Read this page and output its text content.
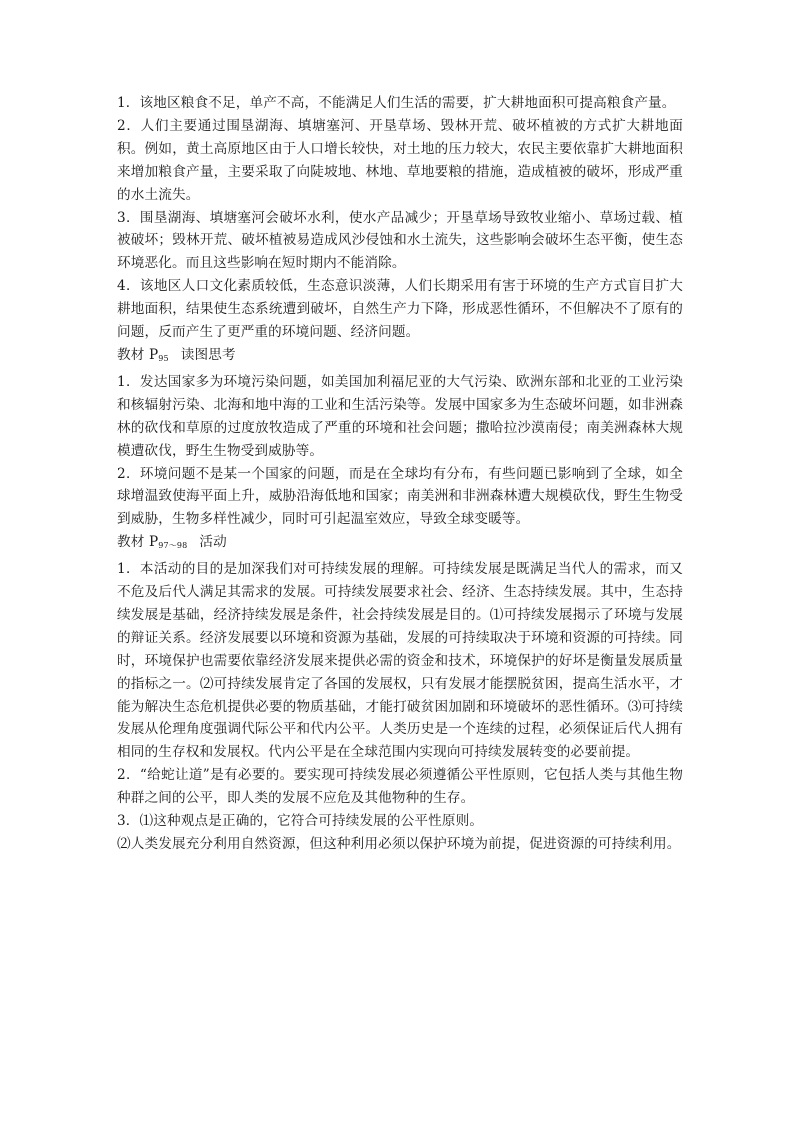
1．该地区粮食不足，单产不高，不能满足人们生活的需要，扩大耕地面积可提高粮食产量。

2．人们主要通过围垦湖海、填塘塞河、开垦草场、毁林开荒、破坏植被的方式扩大耕地面积。例如，黄土高原地区由于人口增长较快，对土地的压力较大，农民主要依靠扩大耕地面积来增加粮食产量，主要采取了向陡坡地、林地、草地要粮的措施，造成植被的破坏，形成严重的水土流失。

3．围垦湖海、填塘塞河会破坏水利，使水产品减少；开垦草场导致牧业缩小、草场过载、植被破坏；毁林开荒、破坏植被易造成风沙侵蚀和水土流失，这些影响会破坏生态平衡，使生态环境恶化。而且这些影响在短时期内不能消除。

4．该地区人口文化素质较低，生态意识淡薄，人们长期采用有害于环境的生产方式盲目扩大耕地面积，结果使生态系统遭到破坏，自然生产力下降，形成恶性循环，不但解决不了原有的问题，反而产生了更严重的环境问题、经济问题。

教材 $P_{95}$ 读图思考

1．发达国家多为环境污染问题，如美国加利福尼亚的大气污染、欧洲东部和北亚的工业污染和核辐射污染、北海和地中海的工业和生活污染等。发展中国家多为生态破坏问题，如非洲森林的砍伐和草原的过度放牧造成了严重的环境和社会问题；撒哈拉沙漠南侵；南美洲森林大规模遭砍伐，野生生物受到威胁等。

2．环境问题不是某一个国家的问题，而是在全球均有分布，有些问题已影响到了全球，如全球增温致使海平面上升，威胁沿海低地和国家；南美洲和非洲森林遭大规模砍伐，野生生物受到威胁，生物多样性减少，同时可引起温室效应，导致全球变暖等。

教材 $P_{97\sim 98}$ 活动

1．本活动的目的是加深我们对可持续发展的理解。可持续发展是既满足当代人的需求，而又不危及后代人满足其需求的发展。可持续发展要求社会、经济、生态持续发展。其中，生态持续发展是基础，经济持续发展是条件，社会持续发展是目的。⑴可持续发展揭示了环境与发展的辩证关系。经济发展要以环境和资源为基础，发展的可持续取决于环境和资源的可持续。同时，环境保护也需要依靠经济发展来提供必需的资金和技术，环境保护的好坏是衡量发展质量的指标之一。⑵可持续发展肯定了各国的发展权，只有发展才能摆脱贫困，提高生活水平，才能为解决生态危机提供必要的物质基础，才能打破贫困加剧和环境破坏的恶性循环。⑶可持续发展从伦理角度强调代际公平和代内公平。人类历史是一个连续的过程，必须保证后代人拥有相同的生存权和发展权。代内公平是在全球范围内实现向可持续发展转变的必要前提。

2．“给蛇让道”是有必要的。要实现可持续发展必须遵循公平性原则，它包括人类与其他生物种群之间的公平，即人类的发展不应危及其他物种的生存。

3．⑴这种观点是正确的，它符合可持续发展的公平性原则。

⑵人类发展充分利用自然资源，但这种利用必须以保护环境为前提，促进资源的可持续利用。
